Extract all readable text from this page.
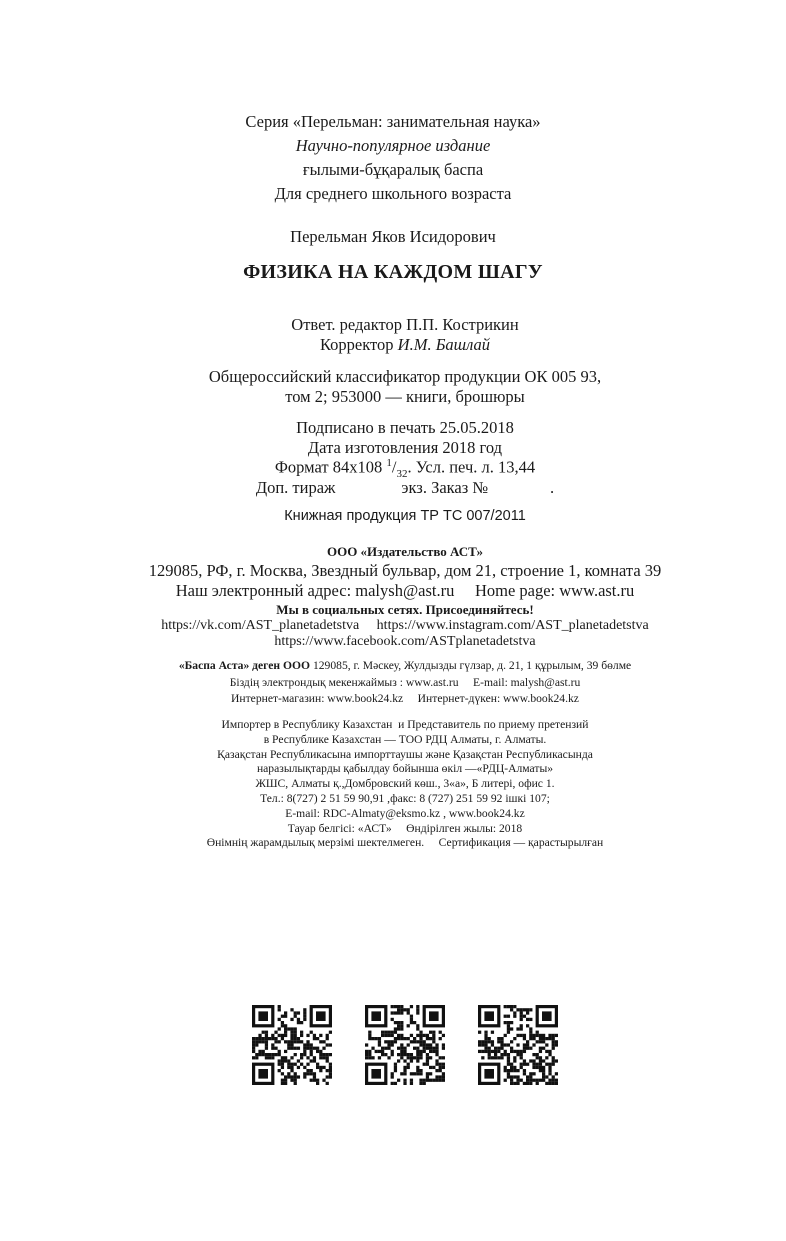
Серия «Перельман: занимательная наука»
Научно-популярное издание
ғылыми-бұқаралық баспа
Для среднего школьного возраста
Перельман Яков Исидорович
ФИЗИКА НА КАЖДОМ ШАГУ
Ответ. редактор П.П. Кострикин
Корректор И.М. Башлай
Общероссийский классификатор продукции ОК 005 93,
том 2; 953000 — книги, брошюры
Подписано в печать 25.05.2018
Дата изготовления 2018 год
Формат 84x108 $^1/_{32}$. Усл. печ. л. 13,44
Доп. тираж                экз. Заказ №               .
Книжная продукция ТР ТС 007/2011
ООО «Издательство АСТ»
129085, РФ, г. Москва, Звездный бульвар, дом 21, строение 1, комната 39
Наш электронный адрес: malysh@ast.ru     Home page: www.ast.ru
Мы в социальных сетях. Присоединяйтесь!
https://vk.com/AST_planetadetstva     https://www.instagram.com/AST_planetadetstva
https://www.facebook.com/ASTplanetadetstva
«Баспа Аста» деген ООО 129085, г. Мәскеу, Жулдызды гүлзар, д. 21, 1 құрылым, 39 бөлме
Біздің электрондық мекенжаймыз : www.ast.ru     E-mail: malysh@ast.ru
Интернет-магазин: www.book24.kz     Интернет-дүкен: www.book24.kz
Импортер в Республику Казахстан  и Представитель по приему претензий
в Республике Казахстан — ТОО РДЦ Алматы, г. Алматы.
Қазақстан Республикасына импорттаушы және Қазақстан Республикасында
наразылықтарды қабылдау бойынша өкіл —«РДЦ-Алматы»
ЖШС, Алматы қ.,Домбровский көш., 3«а», Б литері, офис 1.
Тел.: 8(727) 2 51 59 90,91 ,факс: 8 (727) 251 59 92 ішкі 107;
E-mail: RDC-Almaty@eksmo.kz , www.book24.kz
Тауар белгісі: «АСТ»     Өндірілген жылы: 2018
Өнімнің жарамдылық мерзімі шектелмеген.     Сертификация — қарастырылған
